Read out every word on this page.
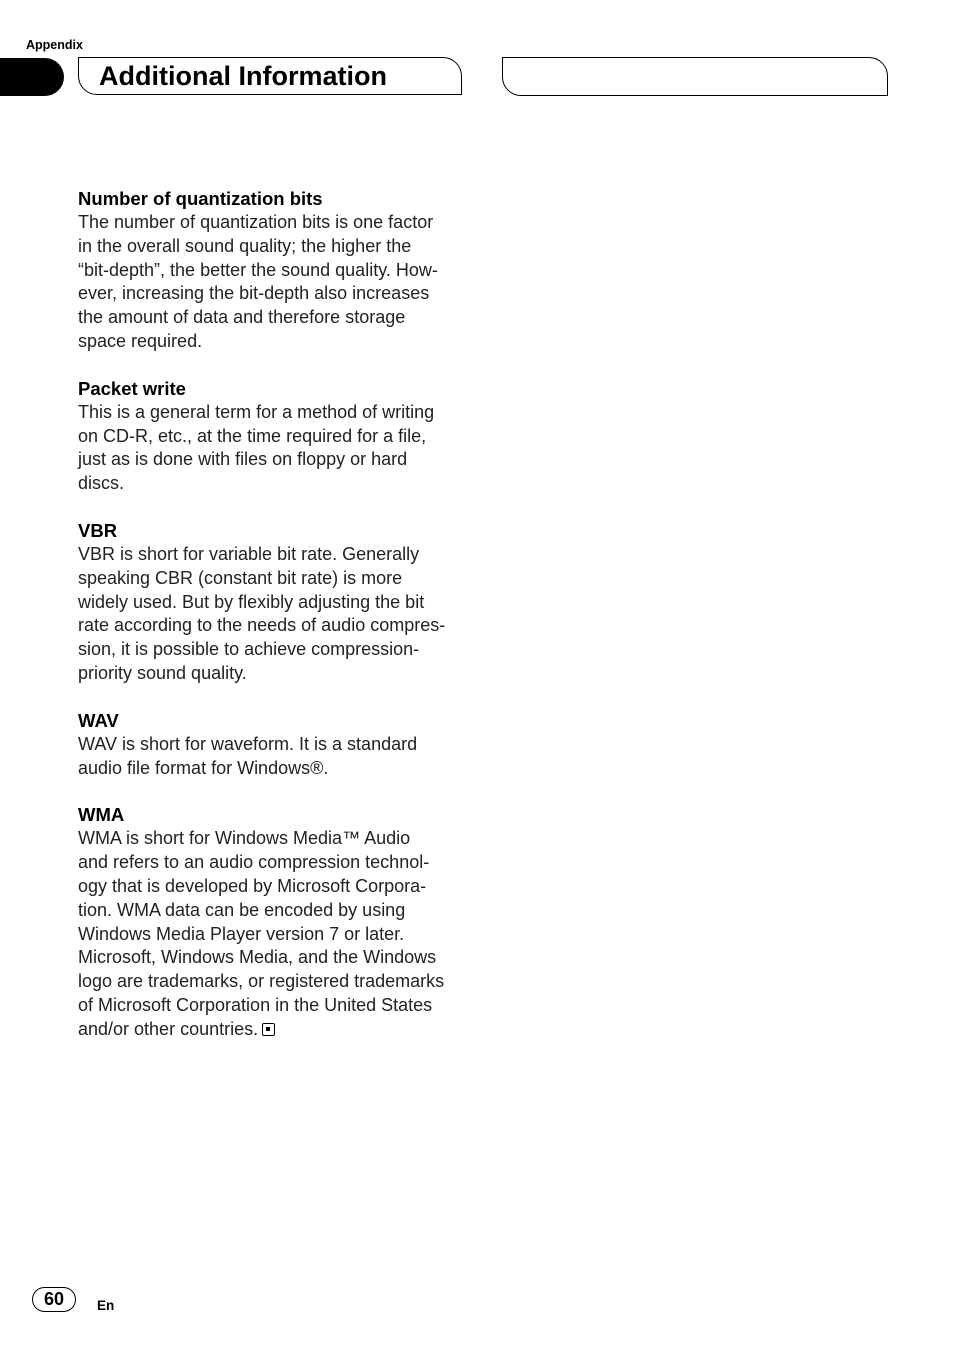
Appendix
Additional Information
Number of quantization bits

The number of quantization bits is one factor
in the overall sound quality; the higher the
“bit-depth”, the better the sound quality. How-
ever, increasing the bit-depth also increases
the amount of data and therefore storage
space required.

Packet write

This is a general term for a method of writing
on CD-R, etc., at the time required for a file,
just as is done with files on floppy or hard
discs.

VBR

VBR is short for variable bit rate. Generally
speaking CBR (constant bit rate) is more
widely used. But by flexibly adjusting the bit
rate according to the needs of audio compres-
sion, it is possible to achieve compression-
priority sound quality.

WAV

WAV is short for waveform. It is a standard
audio file format for Windows®.

WMA

WMA is short for Windows Media™ Audio
and refers to an audio compression technol-
ogy that is developed by Microsoft Corpora-
tion. WMA data can be encoded by using
Windows Media Player version 7 or later.
Microsoft, Windows Media, and the Windows
logo are trademarks, or registered trademarks
of Microsoft Corporation in the United States
and/or other countries.

60	En
